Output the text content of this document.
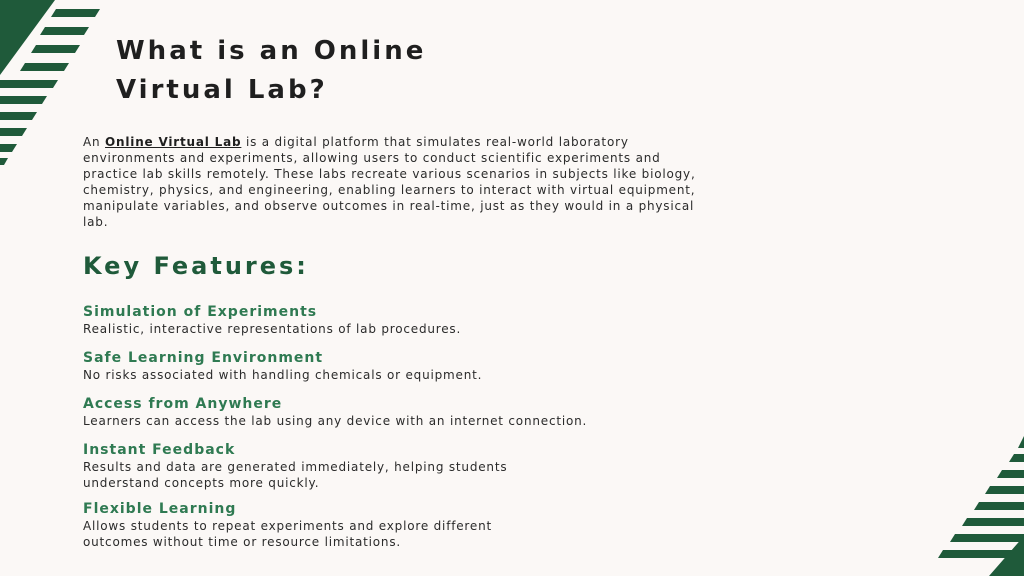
What is an Online
Virtual Lab?

An Online Virtual Lab is a digital platform that simulates real-world laboratory environments and experiments, allowing users to conduct scientific experiments and practice lab skills remotely. These labs recreate various scenarios in subjects like biology, chemistry, physics, and engineering, enabling learners to interact with virtual equipment, manipulate variables, and observe outcomes in real-time, just as they would in a physical lab.

Key Features:
Simulation of Experiments
Realistic, interactive representations of lab procedures.
Safe Learning Environment
No risks associated with handling chemicals or equipment.
Access from Anywhere
Learners can access the lab using any device with an internet connection.
Instant Feedback
Results and data are generated immediately, helping students
understand concepts more quickly.
Flexible Learning
Allows students to repeat experiments and explore different
outcomes without time or resource limitations.
